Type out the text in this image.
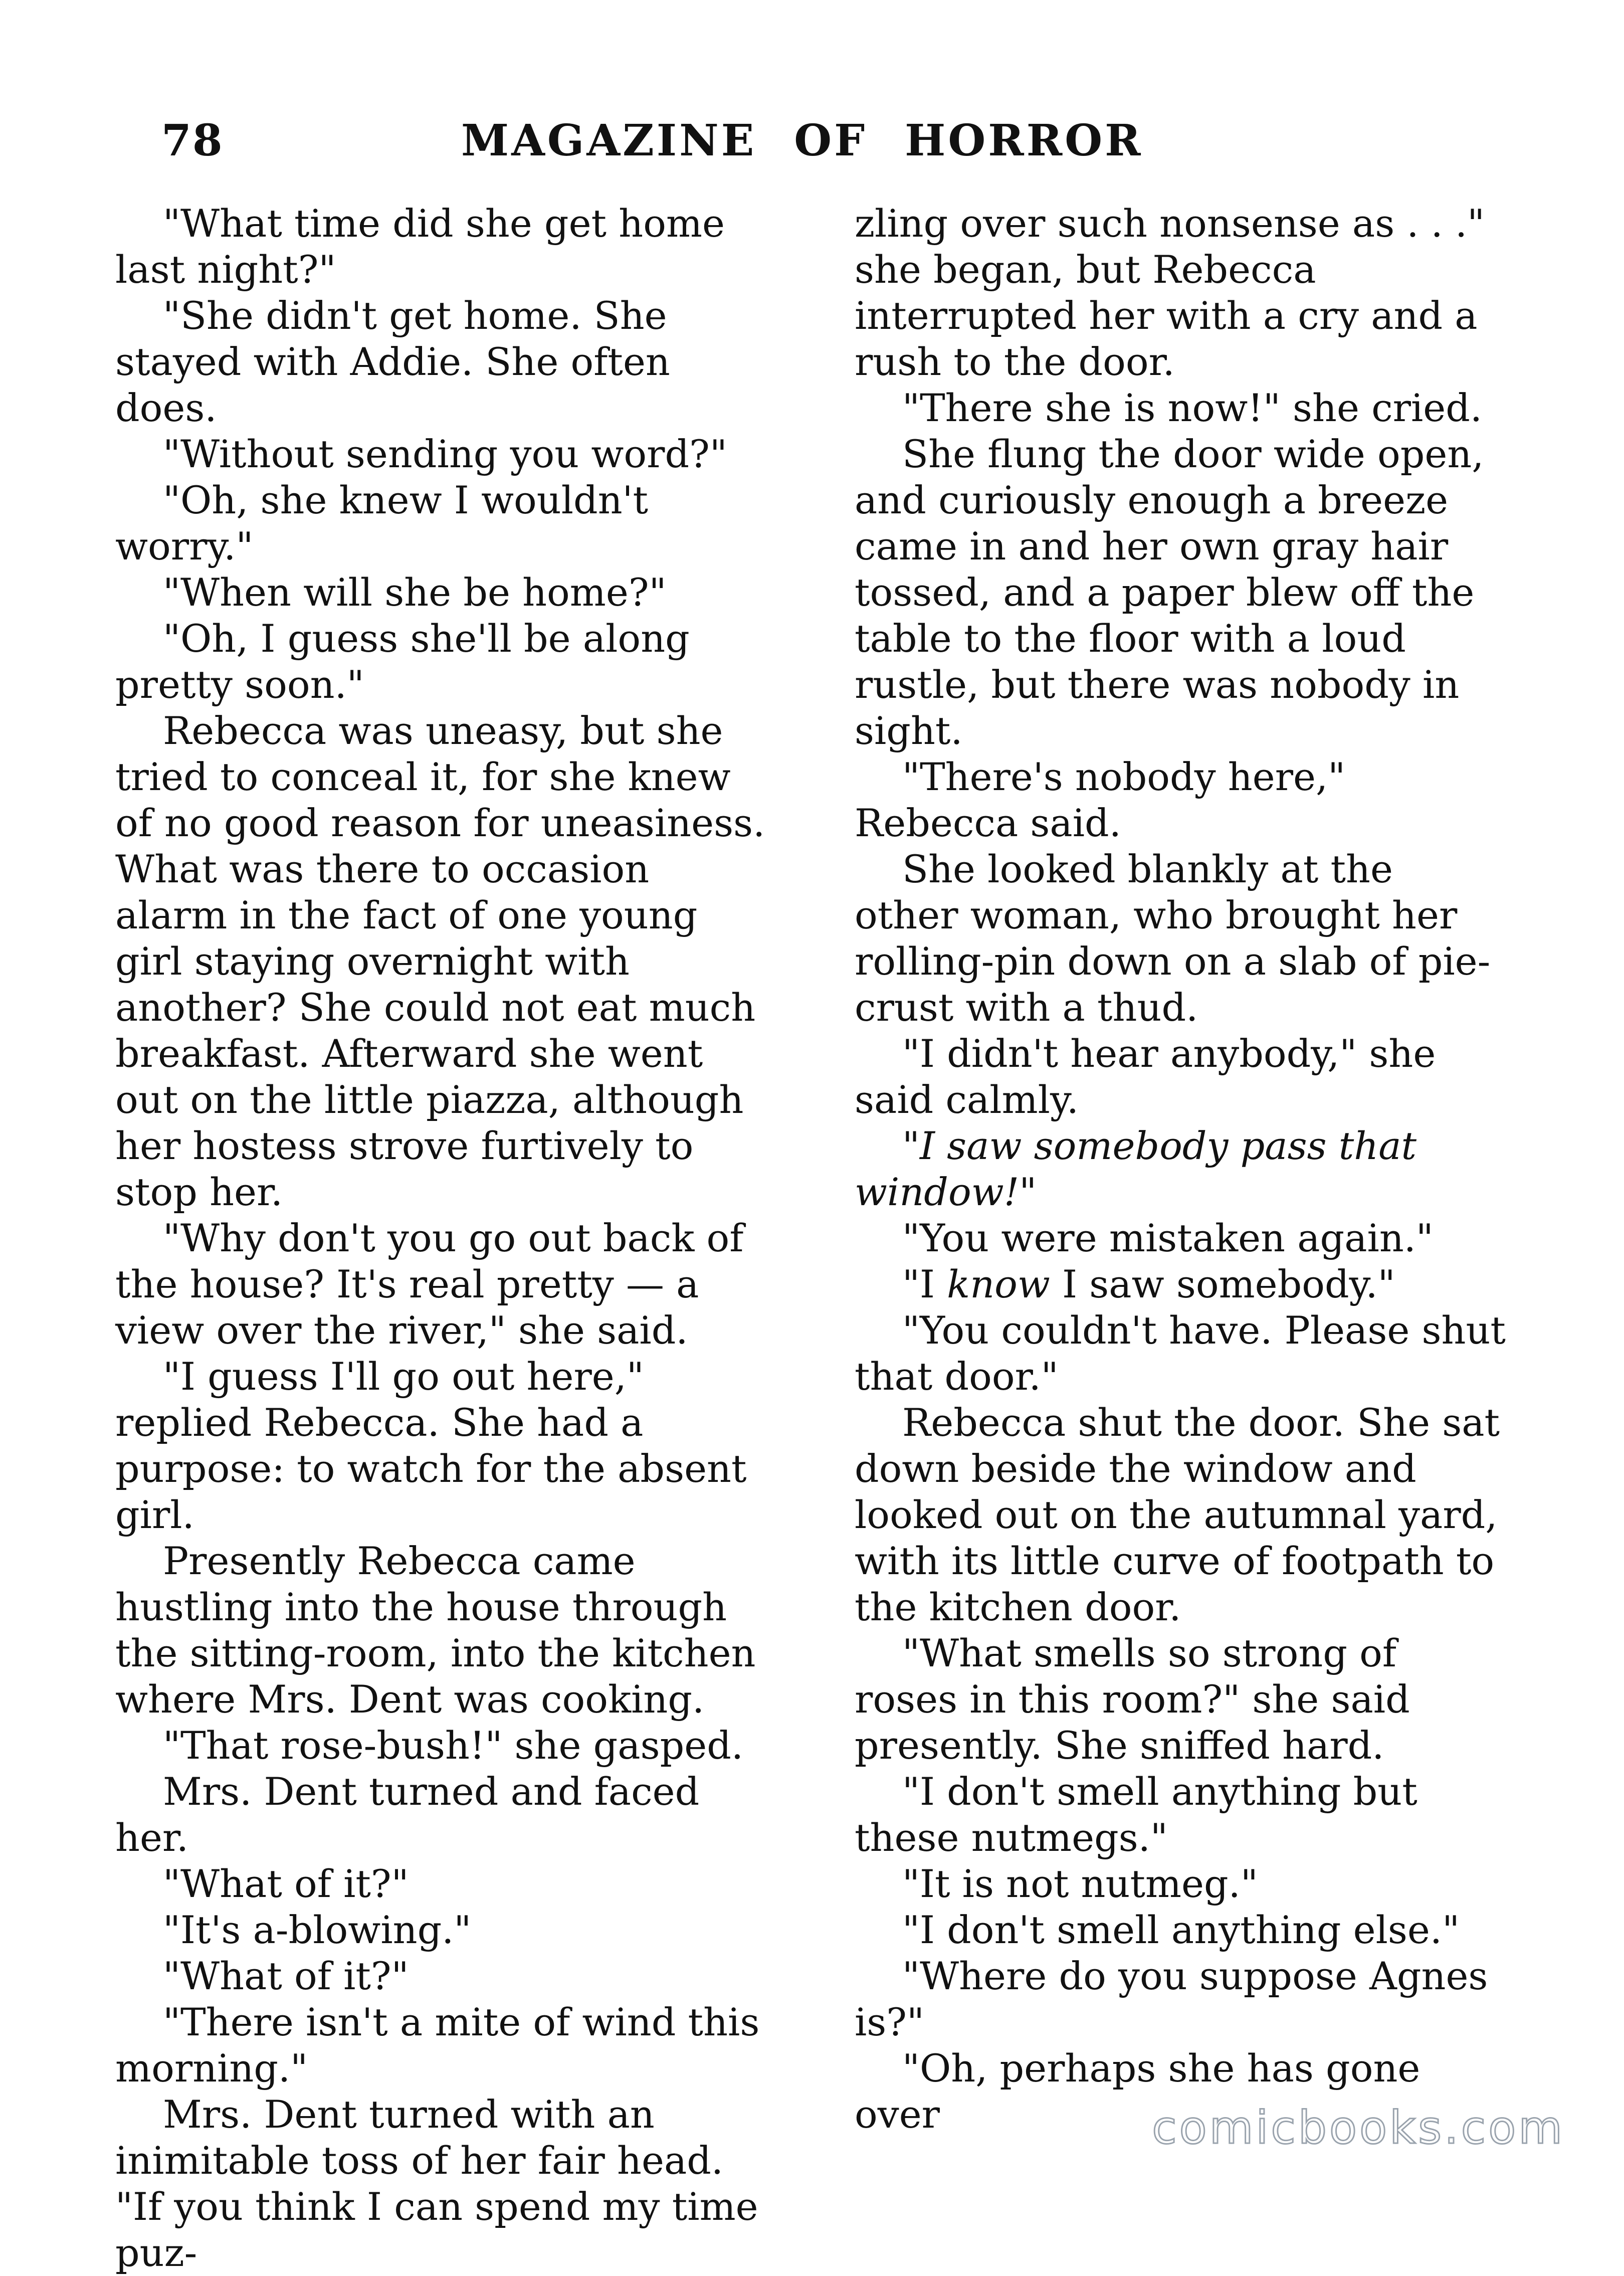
78	MAGAZINE OF HORROR

"What time did she get home last night?"

"She didn't get home. She stayed with Addie. She often does.

"Without sending you word?"

"Oh, she knew I wouldn't worry."

"When will she be home?"

"Oh, I guess she'll be along pretty soon."

Rebecca was uneasy, but she tried to conceal it, for she knew of no good reason for uneasiness. What was there to occasion alarm in the fact of one young girl staying overnight with another? She could not eat much breakfast. Afterward she went out on the little piazza, although her hostess strove furtively to stop her.

"Why don't you go out back of the house? It's real pretty — a view over the river," she said.

"I guess I'll go out here," replied Rebecca. She had a purpose: to watch for the absent girl.

Presently Rebecca came hustling into the house through the sitting-room, into the kitchen where Mrs. Dent was cooking.

"That rose-bush!" she gasped.

Mrs. Dent turned and faced her.

"What of it?"

"It's a-blowing."

"What of it?"

"There isn't a mite of wind this morning."

Mrs. Dent turned with an inimitable toss of her fair head. "If you think I can spend my time puz-

zling over such nonsense as . . ." she began, but Rebecca interrupted her with a cry and a rush to the door.

"There she is now!" she cried.

She flung the door wide open, and curiously enough a breeze came in and her own gray hair tossed, and a paper blew off the table to the floor with a loud rustle, but there was nobody in sight.

"There's nobody here," Rebecca said.

She looked blankly at the other woman, who brought her rolling-pin down on a slab of pie-crust with a thud.

"I didn't hear anybody," she said calmly.

"I saw somebody pass that window!"

"You were mistaken again."

"I know I saw somebody."

"You couldn't have. Please shut that door."

Rebecca shut the door. She sat down beside the window and looked out on the autumnal yard, with its little curve of footpath to the kitchen door.

"What smells so strong of roses in this room?" she said presently. She sniffed hard.

"I don't smell anything but these nutmegs."

"It is not nutmeg."

"I don't smell anything else."

"Where do you suppose Agnes is?"

"Oh, perhaps she has gone over	comicbooks.com
